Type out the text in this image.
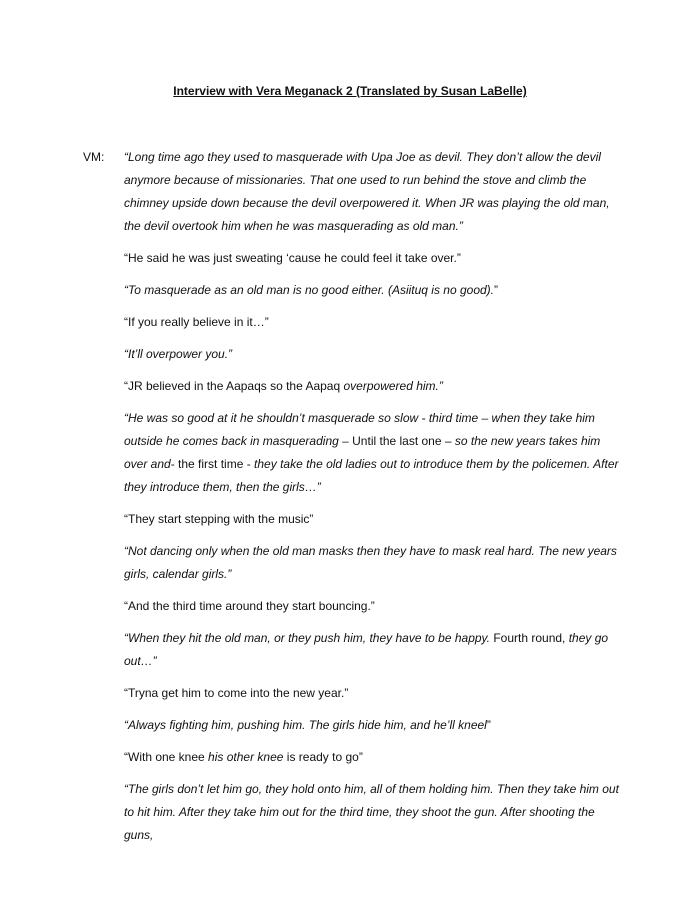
Interview with Vera Meganack 2 (Translated by Susan LaBelle)

VM: “Long time ago they used to masquerade with Upa Joe as devil. They don’t allow the devil anymore because of missionaries. That one used to run behind the stove and climb the chimney upside down because the devil overpowered it. When JR was playing the old man, the devil overtook him when he was masquerading as old man.”

“He said he was just sweating ‘cause he could feel it take over.”

“To masquerade as an old man is no good either. (Asiituq is no good).”

“If you really believe in it…”

“It’ll overpower you.”

“JR believed in the Aapaqs so the Aapaq overpowered him.”

“He was so good at it he shouldn’t masquerade so slow - third time – when they take him outside he comes back in masquerading – Until the last one – so the new years takes him over and- the first time - they take the old ladies out to introduce them by the policemen. After they introduce them, then the girls…”

“They start stepping with the music”

“Not dancing only when the old man masks then they have to mask real hard. The new years girls, calendar girls.”

“And the third time around they start bouncing.”

“When they hit the old man, or they push him, they have to be happy. Fourth round, they go out…”

“Tryna get him to come into the new year.”

“Always fighting him, pushing him. The girls hide him, and he’ll kneel”

“With one knee his other knee is ready to go”

“The girls don’t let him go, they hold onto him, all of them holding him. Then they take him out to hit him. After they take him out for the third time, they shoot the gun. After shooting the guns,
